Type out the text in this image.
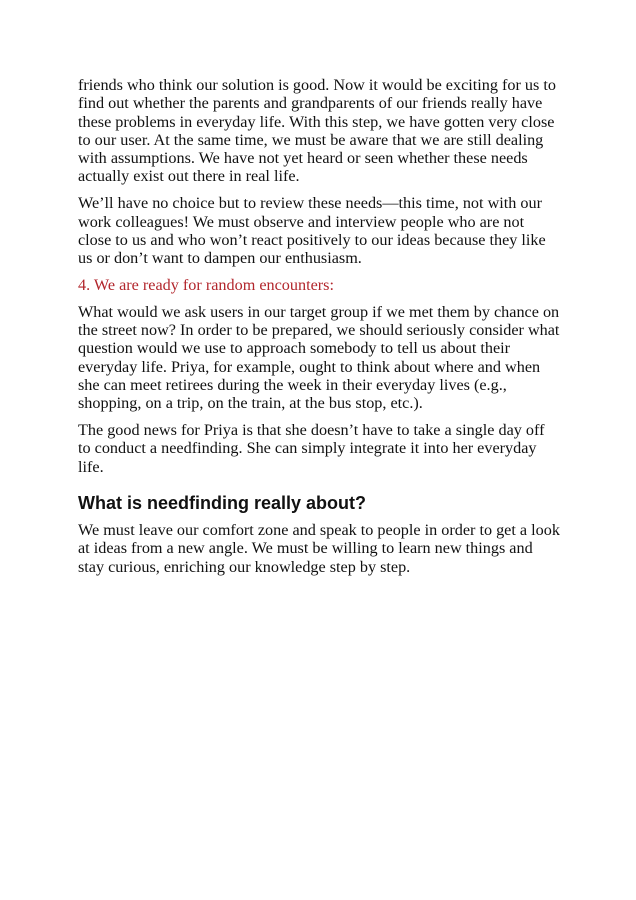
friends who think our solution is good. Now it would be exciting for us to find out whether the parents and grandparents of our friends really have these problems in everyday life. With this step, we have gotten very close to our user. At the same time, we must be aware that we are still dealing with assumptions. We have not yet heard or seen whether these needs actually exist out there in real life.

We’ll have no choice but to review these needs—this time, not with our work colleagues! We must observe and interview people who are not close to us and who won’t react positively to our ideas because they like us or don’t want to dampen our enthusiasm.

4. We are ready for random encounters:

What would we ask users in our target group if we met them by chance on the street now? In order to be prepared, we should seriously consider what question would we use to approach somebody to tell us about their everyday life. Priya, for example, ought to think about where and when she can meet retirees during the week in their everyday lives (e.g., shopping, on a trip, on the train, at the bus stop, etc.).

The good news for Priya is that she doesn’t have to take a single day off to conduct a needfinding. She can simply integrate it into her everyday life.

What is needfinding really about?

We must leave our comfort zone and speak to people in order to get a look at ideas from a new angle. We must be willing to learn new things and stay curious, enriching our knowledge step by step.
